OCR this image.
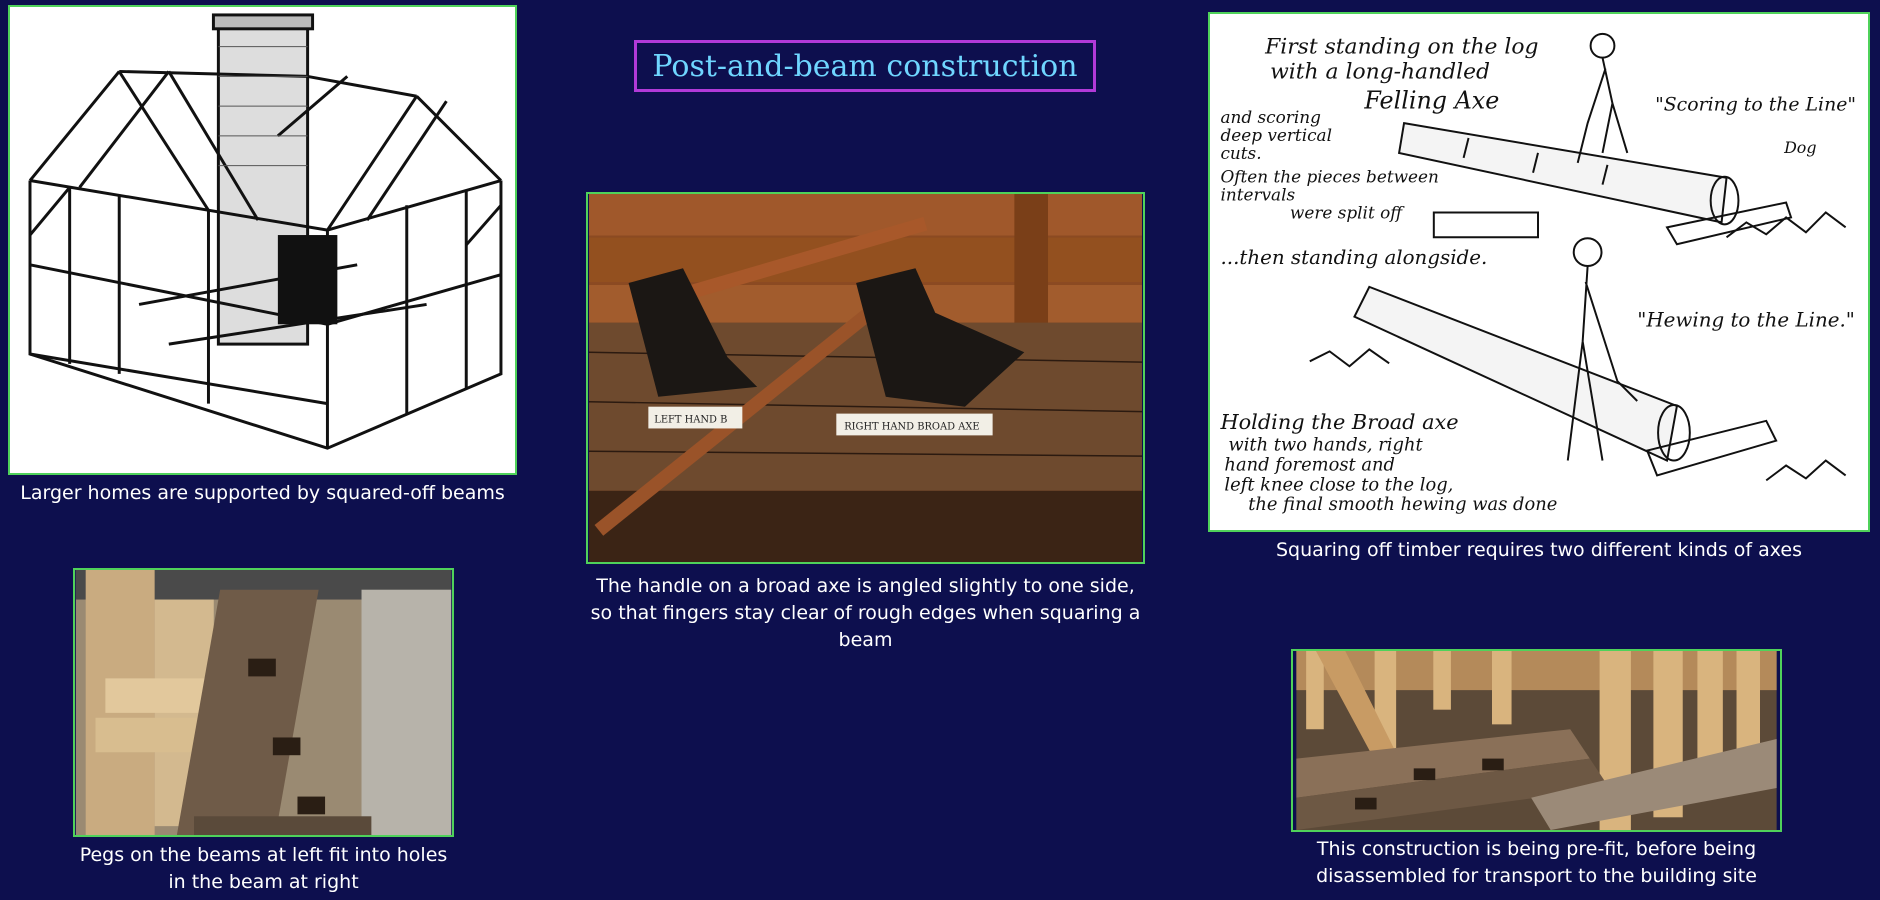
Post-and-beam construction
Larger homes are supported by squared-off beams
LEFT HAND B
RIGHT HAND BROAD AXE
The handle on a broad axe is angled slightly to one side, so that fingers stay clear of rough edges when squaring a beam
First standing on the log
with a long-handled
Felling Axe	"Scoring to the Line"
and scoring
deep vertical
cuts.	Dog
Often the pieces between
intervals
were split off
...then standing alongside.
"Hewing to the Line."
Holding the Broad axe
with two hands, right
hand foremost and
left knee close to the log,
the final smooth hewing was done
Squaring off timber requires two different kinds of axes
Pegs on the beams at left fit into holes in the beam at right
This construction is being pre-fit, before being disassembled for transport to the building site
